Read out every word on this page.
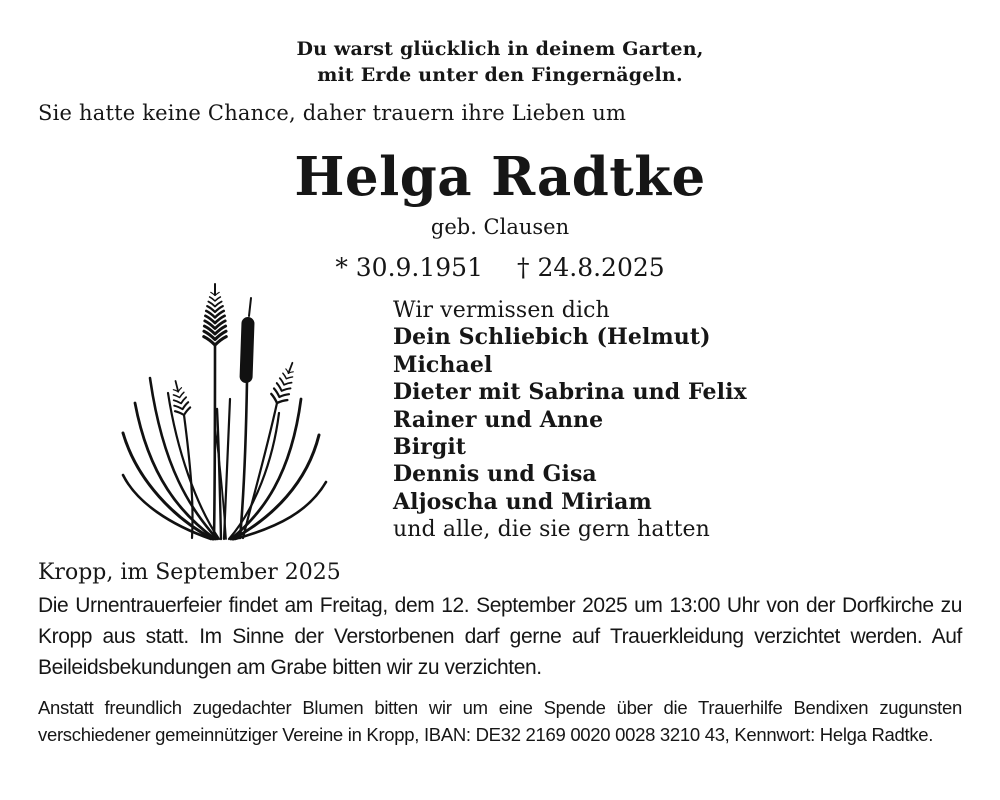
Du warst glücklich in deinem Garten,
mit Erde unter den Fingernägeln.
Sie hatte keine Chance, daher trauern ihre Lieben um
Helga Radtke
geb. Clausen
* 30.9.1951 † 24.8.2025
Wir vermissen dich
Dein Schliebich (Helmut)
Michael
Dieter mit Sabrina und Felix
Rainer und Anne
Birgit
Dennis und Gisa
Aljoscha und Miriam
und alle, die sie gern hatten
Kropp, im September 2025

Die Urnentrauerfeier findet am Freitag, dem 12. September 2025 um 13:00 Uhr von der Dorfkirche zu Kropp aus statt. Im Sinne der Verstorbenen darf gerne auf Trauerkleidung verzichtet werden. Auf Beileidsbekundungen am Grabe bitten wir zu verzichten.

Anstatt freundlich zugedachter Blumen bitten wir um eine Spende über die Trauerhilfe Bendixen zugunsten verschiedener gemeinnütziger Vereine in Kropp, IBAN: DE32 2169 0020 0028 3210 43, Kennwort: Helga Radtke.
